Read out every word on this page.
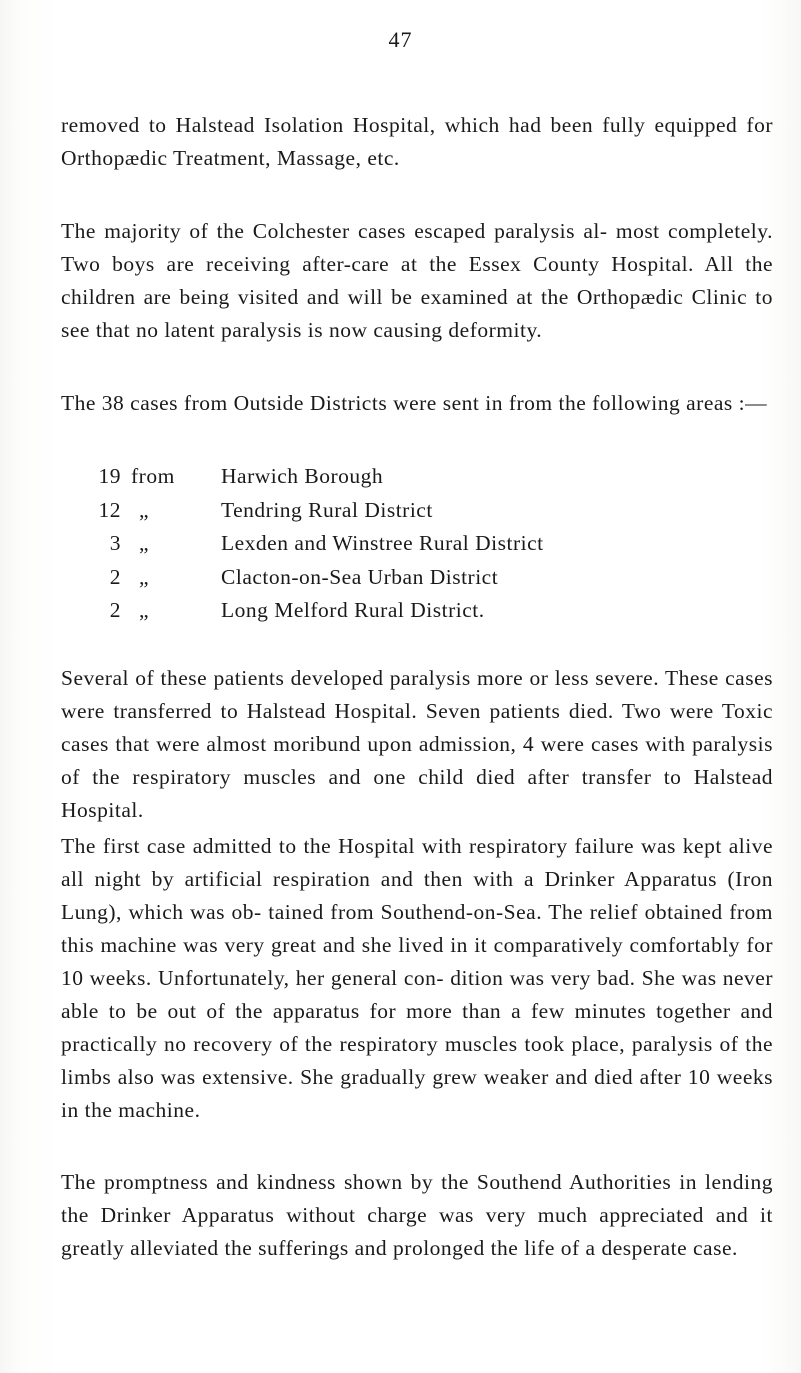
47

removed to Halstead Isolation Hospital, which had been fully equipped for Orthopædic Treatment, Massage, etc.

The majority of the Colchester cases escaped paralysis al- most completely. Two boys are receiving after-care at the Essex County Hospital. All the children are being visited and will be examined at the Orthopædic Clinic to see that no latent paralysis is now causing deformity.

The 38 cases from Outside Districts were sent in from the following areas :—

19 from Harwich Borough
12 „	Tendring Rural District
3 „	Lexden and Winstree Rural District
2 „	Clacton-on-Sea Urban District
2 „	Long Melford Rural District.

Several of these patients developed paralysis more or less severe. These cases were transferred to Halstead Hospital. Seven patients died. Two were Toxic cases that were almost moribund upon admission, 4 were cases with paralysis of the respiratory muscles and one child died after transfer to Halstead Hospital.

The first case admitted to the Hospital with respiratory failure was kept alive all night by artificial respiration and then with a Drinker Apparatus (Iron Lung), which was ob- tained from Southend-on-Sea. The relief obtained from this machine was very great and she lived in it comparatively comfortably for 10 weeks. Unfortunately, her general con- dition was very bad. She was never able to be out of the apparatus for more than a few minutes together and practically no recovery of the respiratory muscles took place, paralysis of the limbs also was extensive. She gradually grew weaker and died after 10 weeks in the machine.

The promptness and kindness shown by the Southend Authorities in lending the Drinker Apparatus without charge was very much appreciated and it greatly alleviated the sufferings and prolonged the life of a desperate case.
